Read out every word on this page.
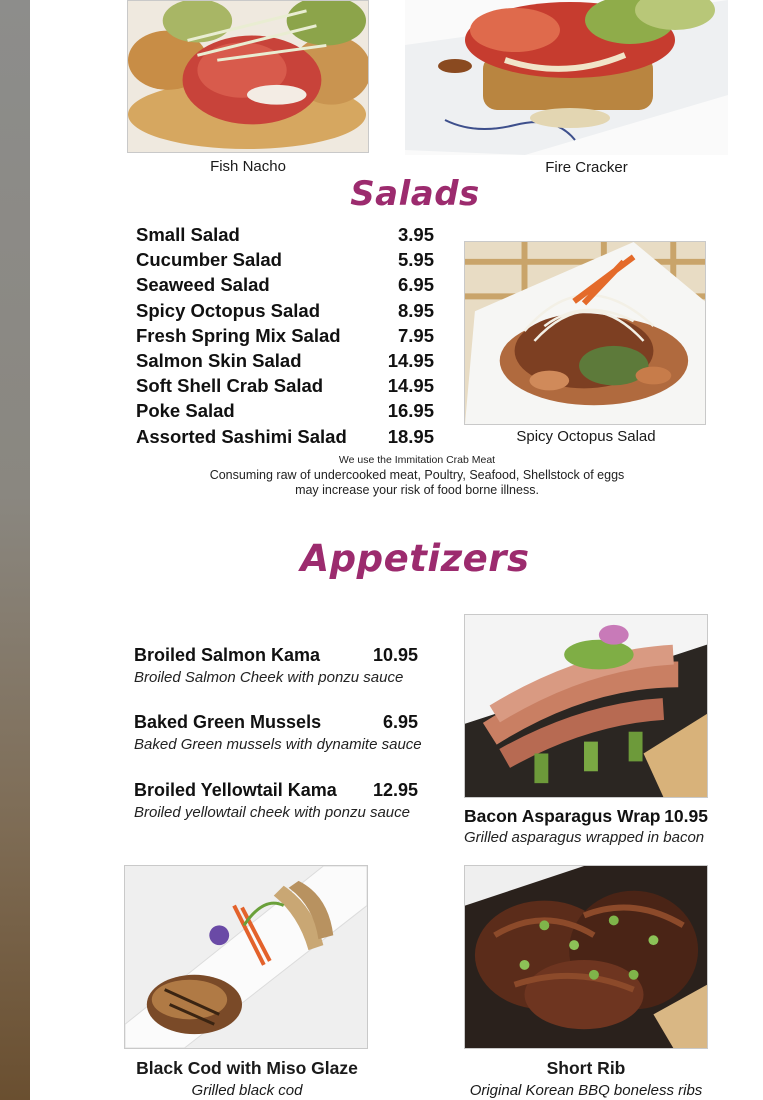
Fish Nacho	Fire Cracker
Salads
Small Salad	3.95
Cucumber Salad	5.95
Seaweed Salad	6.95
Spicy Octopus Salad	8.95
Fresh Spring Mix Salad	7.95
Salmon Skin Salad	14.95
Soft Shell Crab Salad	14.95
Poke Salad	16.95
Assorted Sashimi Salad 18.95	Spicy Octopus Salad
We use the Immitation Crab Meat
Consuming raw of undercooked meat, Poultry, Seafood, Shellstock of eggs
may increase your risk of food borne illness.
Appetizers
Broiled Salmon Kama	10.95
Broiled Salmon Cheek with ponzu sauce
Baked Green Mussels	6.95
Baked Green mussels with dynamite sauce
Broiled Yellowtail Kama 12.95
Broiled yellowtail cheek with ponzu sauce	Bacon Asparagus Wrap 10.95
Grilled asparagus wrapped in bacon
Black Cod with Miso Glaze
Grilled black cod
Short Rib
Original Korean BBQ boneless ribs
